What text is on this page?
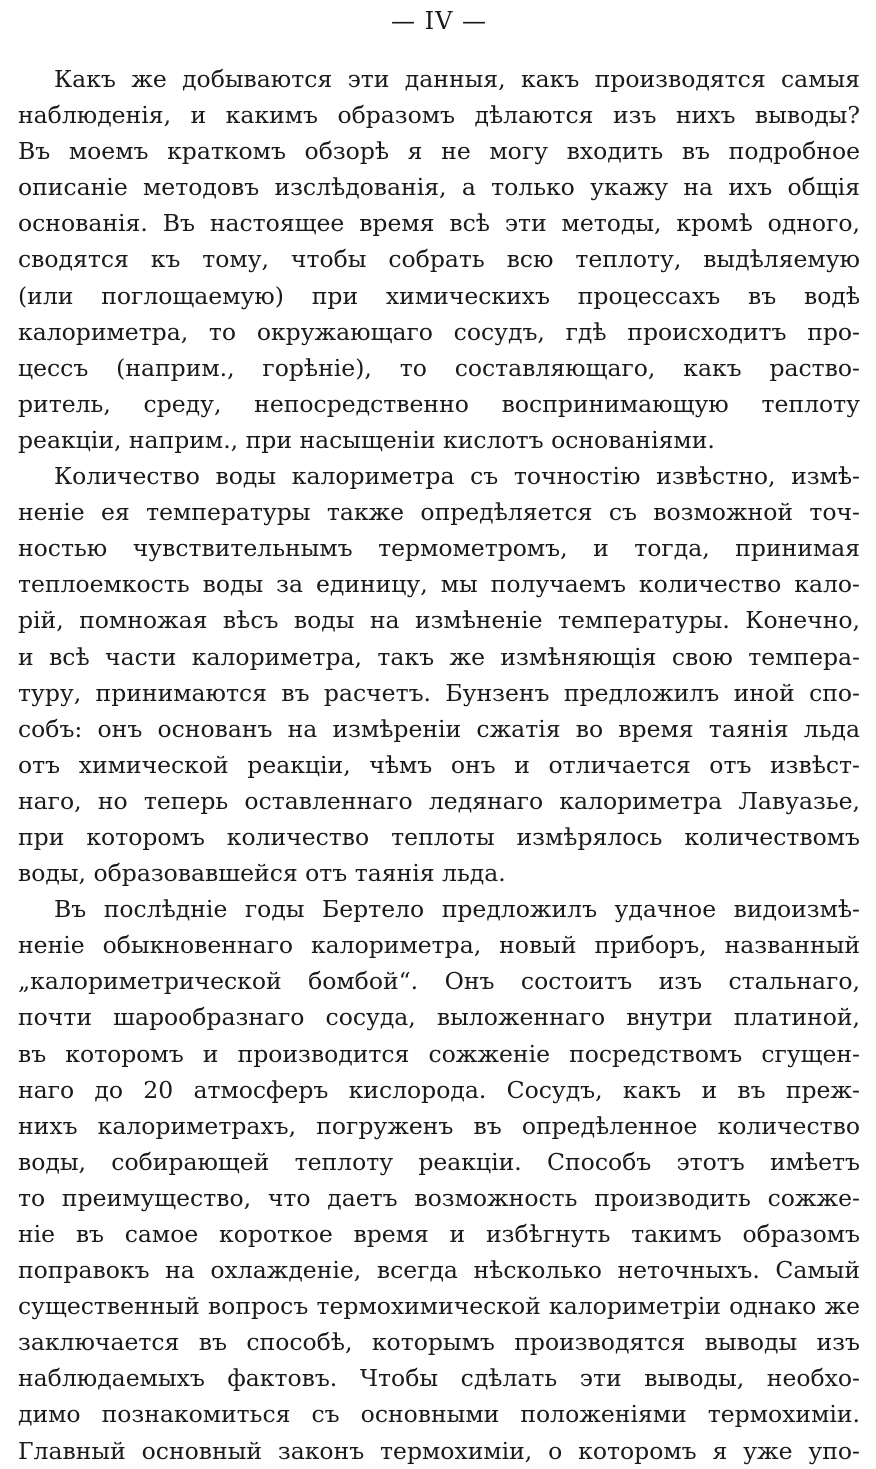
— IV —
Какъ же добываются эти данныя, какъ производятся самыя
наблюденія, и какимъ образомъ дѣлаются изъ нихъ выводы?
Въ моемъ краткомъ обзорѣ я не могу входить въ подробное
описаніе методовъ изслѣдованія, а только укажу на ихъ общія
основанія. Въ настоящее время всѣ эти методы, кромѣ одного,
сводятся къ тому, чтобы собрать всю теплоту, выдѣляемую
(или поглощаемую) при химическихъ процессахъ въ водѣ
калориметра, то окружающаго сосудъ, гдѣ происходитъ про-
цессъ (наприм., горѣніе), то составляющаго, какъ раство-
ритель, среду, непосредственно воспринимающую теплоту
реакціи, наприм., при насыщеніи кислотъ основаніями.
Количество воды калориметра съ точностію извѣстно, измѣ-
неніе ея температуры также опредѣляется съ возможной точ-
ностью чувствительнымъ термометромъ, и тогда, принимая
теплоемкость воды за единицу, мы получаемъ количество кало-
рій, помножая вѣсъ воды на измѣненіе температуры. Конечно,
и всѣ части калориметра, такъ же измѣняющія свою темпера-
туру, принимаются въ расчетъ. Бунзенъ предложилъ иной спо-
собъ: онъ основанъ на измѣреніи сжатія во время таянія льда
отъ химической реакціи, чѣмъ онъ и отличается отъ извѣст-
наго, но теперь оставленнаго ледянаго калориметра Лавуазье,
при которомъ количество теплоты измѣрялось количествомъ
воды, образовавшейся отъ таянія льда.
Въ послѣдніе годы Бертело предложилъ удачное видоизмѣ-
неніе обыкновеннаго калориметра, новый приборъ, названный
„калориметрической бомбой“. Онъ состоитъ изъ стальнаго,
почти шарообразнаго сосуда, выложеннаго внутри платиной,
въ которомъ и производится сожженіе посредствомъ сгущен-
наго до 20 атмосферъ кислорода. Сосудъ, какъ и въ преж-
нихъ калориметрахъ, погруженъ въ опредѣленное количество
воды, собирающей теплоту реакціи. Способъ этотъ имѣетъ
то преимущество, что даетъ возможность производить сожже-
ніе въ самое короткое время и избѣгнуть такимъ образомъ
поправокъ на охлажденіе, всегда нѣсколько неточныхъ. Самый
существенный вопросъ термохимической калориметріи однако же
заключается въ способѣ, которымъ производятся выводы изъ
наблюдаемыхъ фактовъ. Чтобы сдѣлать эти выводы, необхо-
димо познакомиться съ основными положеніями термохиміи.
Главный основный законъ термохиміи, о которомъ я уже упо-
